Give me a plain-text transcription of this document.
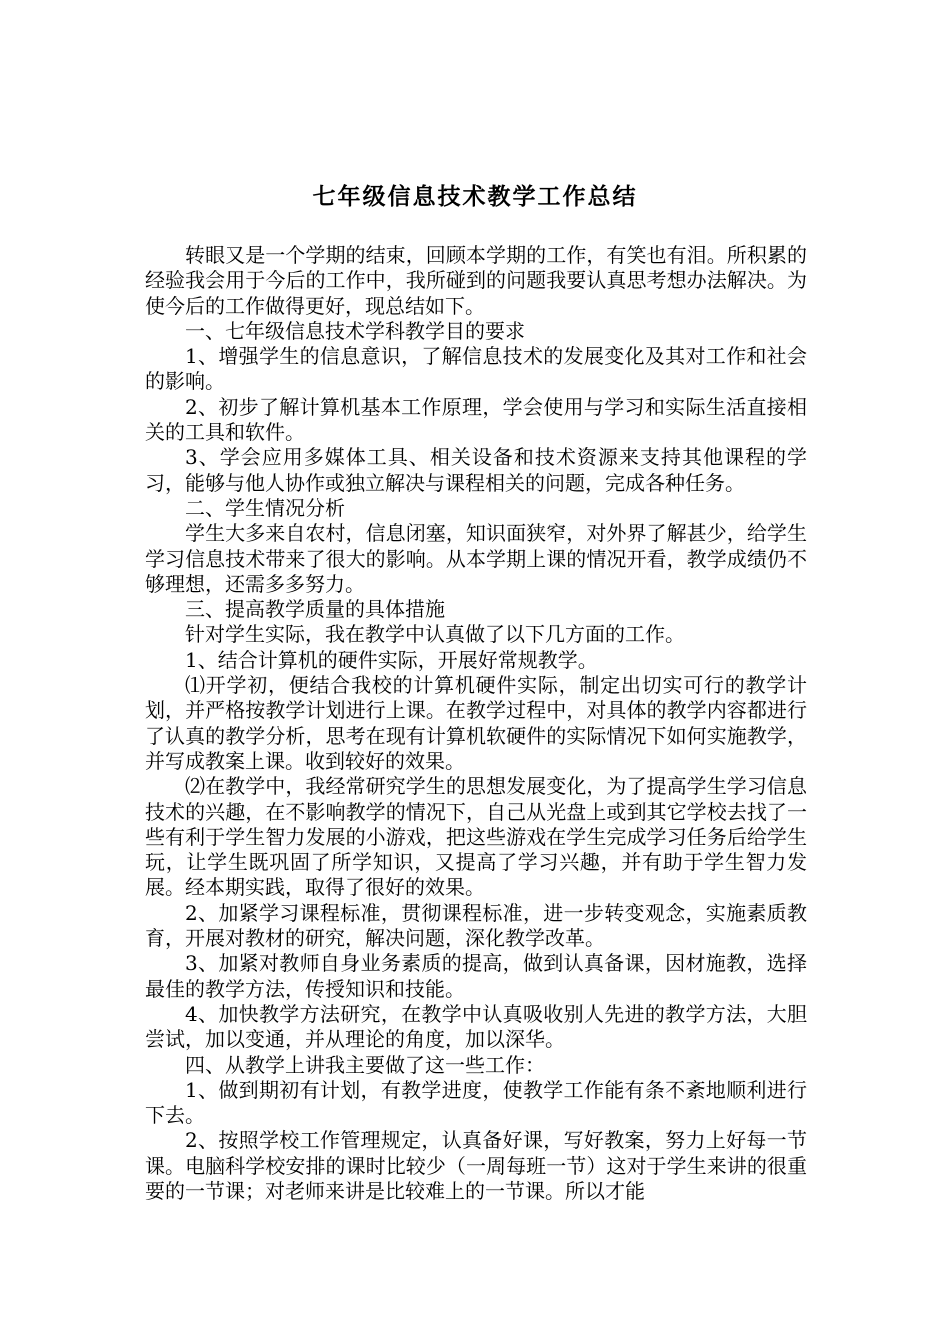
七年级信息技术教学工作总结

转眼又是一个学期的结束，回顾本学期的工作，有笑也有泪。所积累的经验我会用于今后的工作中，我所碰到的问题我要认真思考想办法解决。为使今后的工作做得更好，现总结如下。

一、七年级信息技术学科教学目的要求

1、增强学生的信息意识，了解信息技术的发展变化及其对工作和社会的影响。

2、初步了解计算机基本工作原理，学会使用与学习和实际生活直接相关的工具和软件。

3、学会应用多媒体工具、相关设备和技术资源来支持其他课程的学习，能够与他人协作或独立解决与课程相关的问题，完成各种任务。

二、学生情况分析

学生大多来自农村，信息闭塞，知识面狭窄，对外界了解甚少，给学生学习信息技术带来了很大的影响。从本学期上课的情况开看，教学成绩仍不够理想，还需多多努力。

三、提高教学质量的具体措施

针对学生实际，我在教学中认真做了以下几方面的工作。

1、结合计算机的硬件实际，开展好常规教学。

⑴开学初，便结合我校的计算机硬件实际，制定出切实可行的教学计划，并严格按教学计划进行上课。在教学过程中，对具体的教学内容都进行了认真的教学分析，思考在现有计算机软硬件的实际情况下如何实施教学，并写成教案上课。收到较好的效果。

⑵在教学中，我经常研究学生的思想发展变化，为了提高学生学习信息技术的兴趣，在不影响教学的情况下，自己从光盘上或到其它学校去找了一些有利于学生智力发展的小游戏，把这些游戏在学生完成学习任务后给学生玩，让学生既巩固了所学知识，又提高了学习兴趣，并有助于学生智力发展。经本期实践，取得了很好的效果。

2、加紧学习课程标准，贯彻课程标准，进一步转变观念，实施素质教育，开展对教材的研究，解决问题，深化教学改革。

3、加紧对教师自身业务素质的提高，做到认真备课，因材施教，选择最佳的教学方法，传授知识和技能。

4、加快教学方法研究，在教学中认真吸收别人先进的教学方法，大胆尝试，加以变通，并从理论的角度，加以深华。

四、从教学上讲我主要做了这一些工作：

1、做到期初有计划，有教学进度，使教学工作能有条不紊地顺利进行下去。

2、按照学校工作管理规定，认真备好课，写好教案，努力上好每一节课。电脑科学校安排的课时比较少（一周每班一节）这对于学生来讲的很重要的一节课；对老师来讲是比较难上的一节课。所以才能
